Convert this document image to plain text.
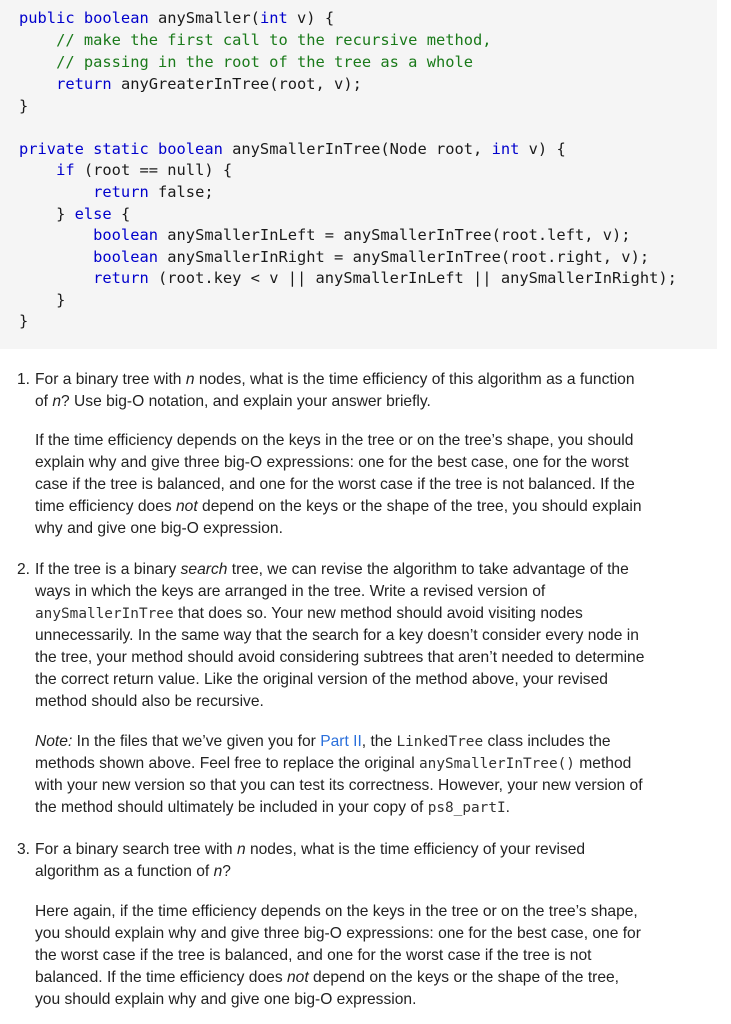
public boolean anySmaller(int v) {
// make the first call to the recursive method,
// passing in the root of the tree as a whole
return anyGreaterInTree(root, v);
}
private static boolean anySmallerInTree(Node root, int v) {
if (root == null) {
return false;
} else {
boolean anySmallerInLeft = anySmallerInTree(root.left, v);
boolean anySmallerInRight = anySmallerInTree(root.right, v);
return (root.key < v || anySmallerInLeft || anySmallerInRight);
}
}
1. For a binary tree with n nodes, what is the time efficiency of this algorithm as a function
of n? Use big-O notation, and explain your answer briefly.
If the time efficiency depends on the keys in the tree or on the tree’s shape, you should
explain why and give three big-O expressions: one for the best case, one for the worst
case if the tree is balanced, and one for the worst case if the tree is not balanced. If the
time efficiency does not depend on the keys or the shape of the tree, you should explain
why and give one big-O expression.
2. If the tree is a binary search tree, we can revise the algorithm to take advantage of the
ways in which the keys are arranged in the tree. Write a revised version of
anySmallerInTree that does so. Your new method should avoid visiting nodes
unnecessarily. In the same way that the search for a key doesn’t consider every node in
the tree, your method should avoid considering subtrees that aren’t needed to determine
the correct return value. Like the original version of the method above, your revised
method should also be recursive.
Note: In the files that we’ve given you for Part II, the LinkedTree class includes the
methods shown above. Feel free to replace the original anySmallerInTree() method
with your new version so that you can test its correctness. However, your new version of
the method should ultimately be included in your copy of ps8_partI.
3. For a binary search tree with n nodes, what is the time efficiency of your revised
algorithm as a function of n?
Here again, if the time efficiency depends on the keys in the tree or on the tree’s shape,
you should explain why and give three big-O expressions: one for the best case, one for
the worst case if the tree is balanced, and one for the worst case if the tree is not
balanced. If the time efficiency does not depend on the keys or the shape of the tree,
you should explain why and give one big-O expression.
